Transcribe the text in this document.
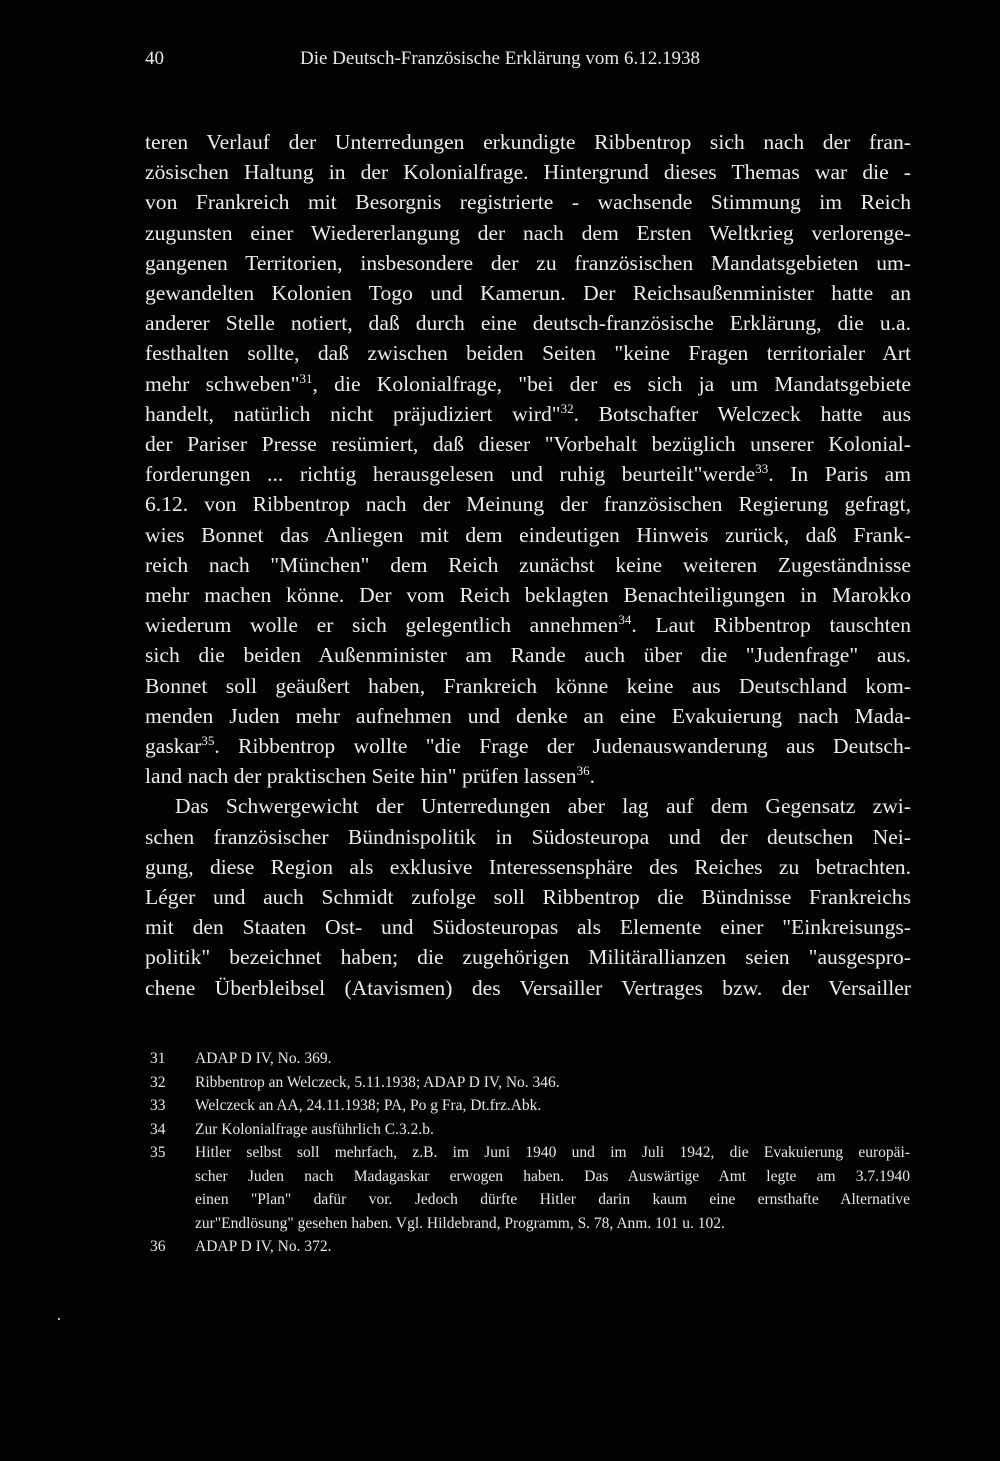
40	Die Deutsch-Französische Erklärung vom 6.12.1938

teren Verlauf der Unterredungen erkundigte Ribbentrop sich nach der fran-
zösischen Haltung in der Kolonialfrage. Hintergrund dieses Themas war die -
von Frankreich mit Besorgnis registrierte - wachsende Stimmung im Reich
zugunsten einer Wiedererlangung der nach dem Ersten Weltkrieg verlorenge-
gangenen Territorien, insbesondere der zu französischen Mandatsgebieten um-
gewandelten Kolonien Togo und Kamerun. Der Reichsaußenminister hatte an
anderer Stelle notiert, daß durch eine deutsch-französische Erklärung, die u.a.
festhalten sollte, daß zwischen beiden Seiten "keine Fragen territorialer Art
mehr schweben"$^{31}$, die Kolonialfrage, "bei der es sich ja um Mandatsgebiete
handelt, natürlich nicht präjudiziert wird"$^{32}$. Botschafter Welczeck hatte aus
der Pariser Presse resümiert, daß dieser "Vorbehalt bezüglich unserer Kolonial-
forderungen ... richtig herausgelesen und ruhig beurteilt"werde$^{33}$. In Paris am
6.12. von Ribbentrop nach der Meinung der französischen Regierung gefragt,
wies Bonnet das Anliegen mit dem eindeutigen Hinweis zurück, daß Frank-
reich nach "München" dem Reich zunächst keine weiteren Zugeständnisse
mehr machen könne. Der vom Reich beklagten Benachteiligungen in Marokko
wiederum wolle er sich gelegentlich annehmen$^{34}$. Laut Ribbentrop tauschten
sich die beiden Außenminister am Rande auch über die "Judenfrage" aus.
Bonnet soll geäußert haben, Frankreich könne keine aus Deutschland kom-
menden Juden mehr aufnehmen und denke an eine Evakuierung nach Mada-
gaskar$^{35}$. Ribbentrop wollte "die Frage der Judenauswanderung aus Deutsch-
land nach der praktischen Seite hin" prüfen lassen$^{36}$.

Das Schwergewicht der Unterredungen aber lag auf dem Gegensatz zwi-
schen französischer Bündnispolitik in Südosteuropa und der deutschen Nei-
gung, diese Region als exklusive Interessensphäre des Reiches zu betrachten.
Léger und auch Schmidt zufolge soll Ribbentrop die Bündnisse Frankreichs
mit den Staaten Ost- und Südosteuropas als Elemente einer "Einkreisungs-
politik" bezeichnet haben; die zugehörigen Militärallianzen seien "ausgespro-
chene Überbleibsel (Atavismen) des Versailler Vertrages bzw. der Versailler

31	ADAP D IV, No. 369.
32	Ribbentrop an Welczeck, 5.11.1938; ADAP D IV, No. 346.
33	Welczeck an AA, 24.11.1938; PA, Po g Fra, Dt.frz.Abk.
34	Zur Kolonialfrage ausführlich C.3.2.b.
35	Hitler selbst soll mehrfach, z.B. im Juni 1940 und im Juli 1942, die Evakuierung europäi-
scher Juden nach Madagaskar erwogen haben. Das Auswärtige Amt legte am 3.7.1940
einen "Plan" dafür vor. Jedoch dürfte Hitler darin kaum eine ernsthafte Alternative
zur"Endlösung" gesehen haben. Vgl. Hildebrand, Programm, S. 78, Anm. 101 u. 102.
36	ADAP D IV, No. 372.
